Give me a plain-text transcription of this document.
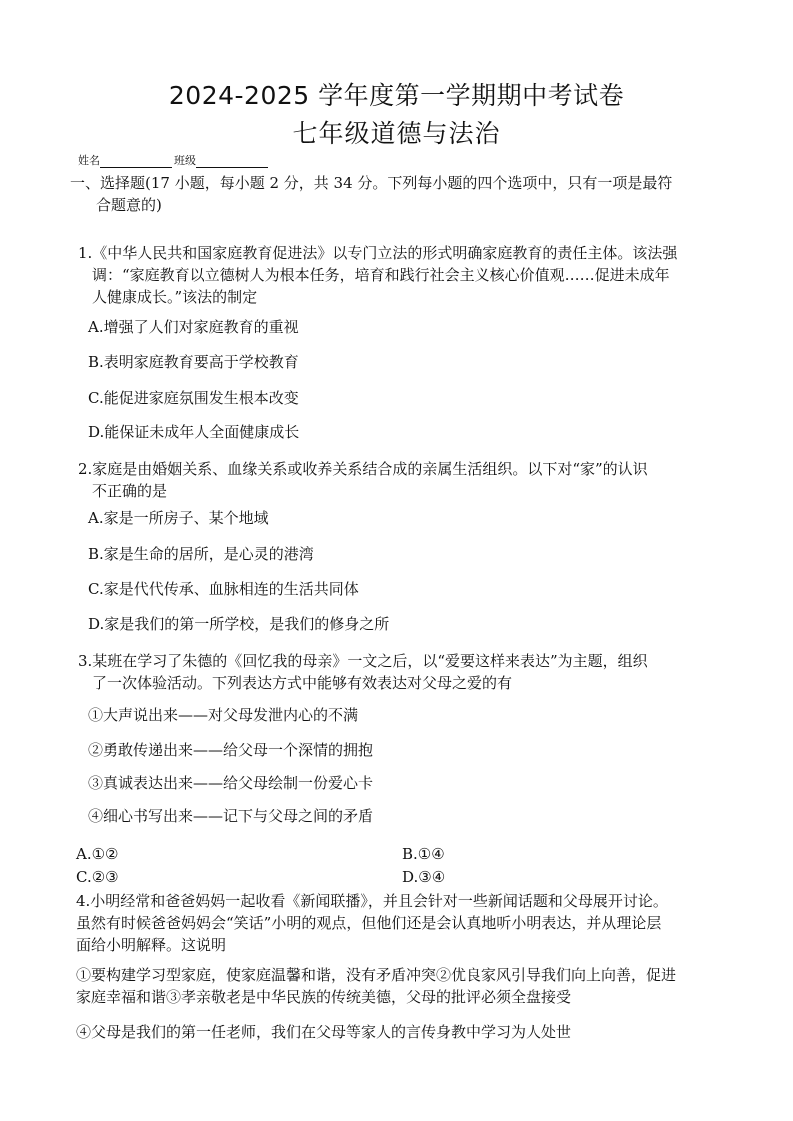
2024-2025 学年度第一学期期中考试卷
七年级道德与法治
姓名	班级
一、选择题(17 小题，每小题 2 分，共 34 分。下列每小题的四个选项中，只有一项是最符
合题意的)
1.《中华人民共和国家庭教育促进法》以专门立法的形式明确家庭教育的责任主体。该法强
调：“家庭教育以立德树人为根本任务，培育和践行社会主义核心价值观……促进未成年
人健康成长。”该法的制定
A.增强了人们对家庭教育的重视
B.表明家庭教育要高于学校教育
C.能促进家庭氛围发生根本改变
D.能保证未成年人全面健康成长
2.家庭是由婚姻关系、血缘关系或收养关系结合成的亲属生活组织。以下对“家”的认识
不正确的是
A.家是一所房子、某个地域
B.家是生命的居所，是心灵的港湾
C.家是代代传承、血脉相连的生活共同体
D.家是我们的第一所学校，是我们的修身之所
3.某班在学习了朱德的《回忆我的母亲》一文之后，以“爱要这样来表达”为主题，组织
了一次体验活动。下列表达方式中能够有效表达对父母之爱的有
①大声说出来——对父母发泄内心的不满
②勇敢传递出来——给父母一个深情的拥抱
③真诚表达出来——给父母绘制一份爱心卡
④细心书写出来——记下与父母之间的矛盾
A.①②	B.①④
C.②③	D.③④
4.小明经常和爸爸妈妈一起收看《新闻联播》，并且会针对一些新闻话题和父母展开讨论。
虽然有时候爸爸妈妈会“笑话”小明的观点，但他们还是会认真地听小明表达，并从理论层
面给小明解释。这说明
①要构建学习型家庭，使家庭温馨和谐，没有矛盾冲突②优良家风引导我们向上向善，促进
家庭幸福和谐③孝亲敬老是中华民族的传统美德，父母的批评必须全盘接受
④父母是我们的第一任老师，我们在父母等家人的言传身教中学习为人处世
